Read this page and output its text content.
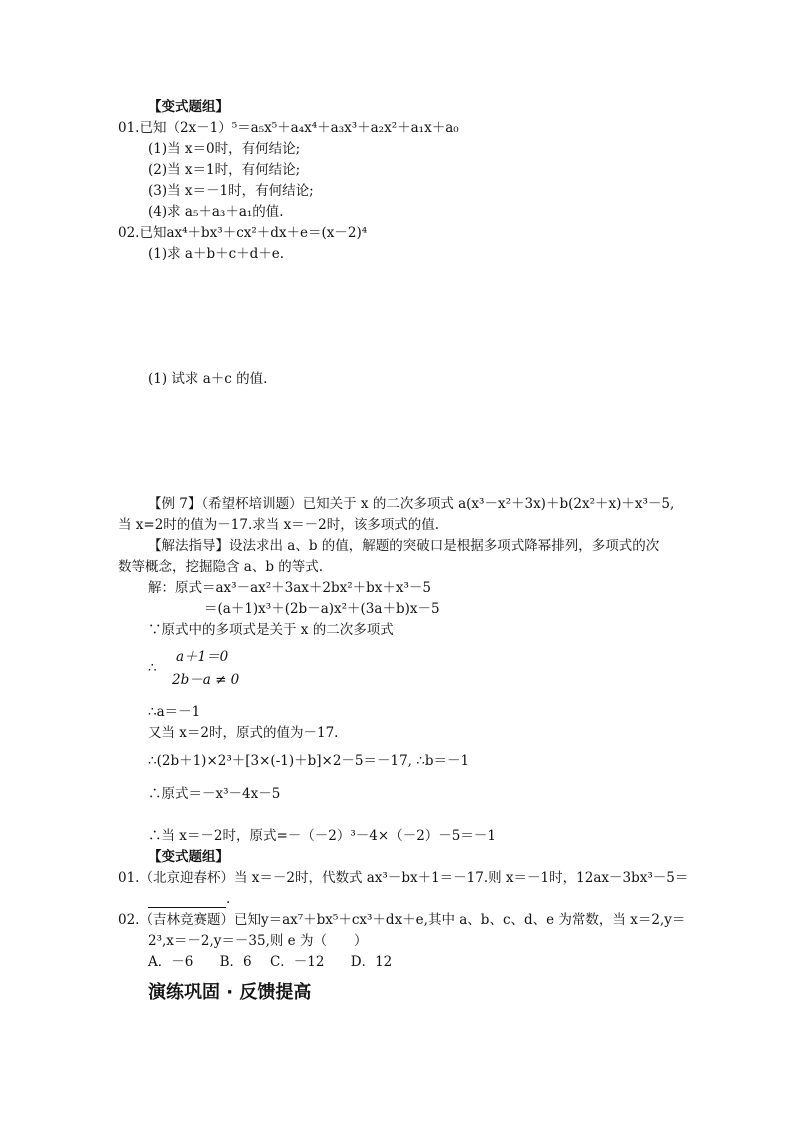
【变式题组】
01.已知（2x－1）⁵＝a₅x⁵＋a₄x⁴＋a₃x³＋a₂x²＋a₁x＋a₀
(1)当 x＝0时，有何结论;
(2)当 x＝1时，有何结论;
(3)当 x＝－1时，有何结论;
(4)求 a₅＋a₃＋a₁的值.
02.已知ax⁴＋bx³＋cx²＋dx＋e＝(x－2)⁴
(1)求 a＋b＋c＋d＋e.
(1) 试求 a＋c 的值.
【例 7】（希望杯培训题）已知关于 x 的二次多项式 a(x³－x²＋3x)＋b(2x²＋x)＋x³－5,
当 x=2时的值为－17.求当 x＝－2时，该多项式的值.
【解法指导】设法求出 a、b 的值，解题的突破口是根据多项式降幂排列，多项式的次
数等概念，挖掘隐含 a、b 的等式.
解：原式＝ax³－ax²＋3ax＋2bx²＋bx＋x³－5
＝(a＋1)x³＋(2b－a)x²＋(3a＋b)x－5
∵原式中的多项式是关于 x 的二次多项式
∴
a＋1＝0
2b－a ≠ 0
∴a＝－1
又当 x＝2时，原式的值为－17.
∴(2b＋1)×2³＋[3×(-1)＋b]×2－5＝－17, ∴b＝－1
∴原式＝－x³－4x－5
∴当 x＝－2时，原式=－（－2）³－4×（－2）－5＝－1
【变式题组】
01.（北京迎春杯）当 x＝－2时，代数式 ax³－bx＋1＝－17.则 x＝－1时，12ax－3bx³－5＝
.
02.（吉林竞赛题）已知y＝ax⁷＋bx⁵＋cx³＋dx＋e,其中 a、b、c、d、e 为常数，当 x＝2,y＝
2³,x＝－2,y＝－35,则 e 为（　　）
A．－6 B．6 C．－12 D．12
演练巩固 · 反馈提高
